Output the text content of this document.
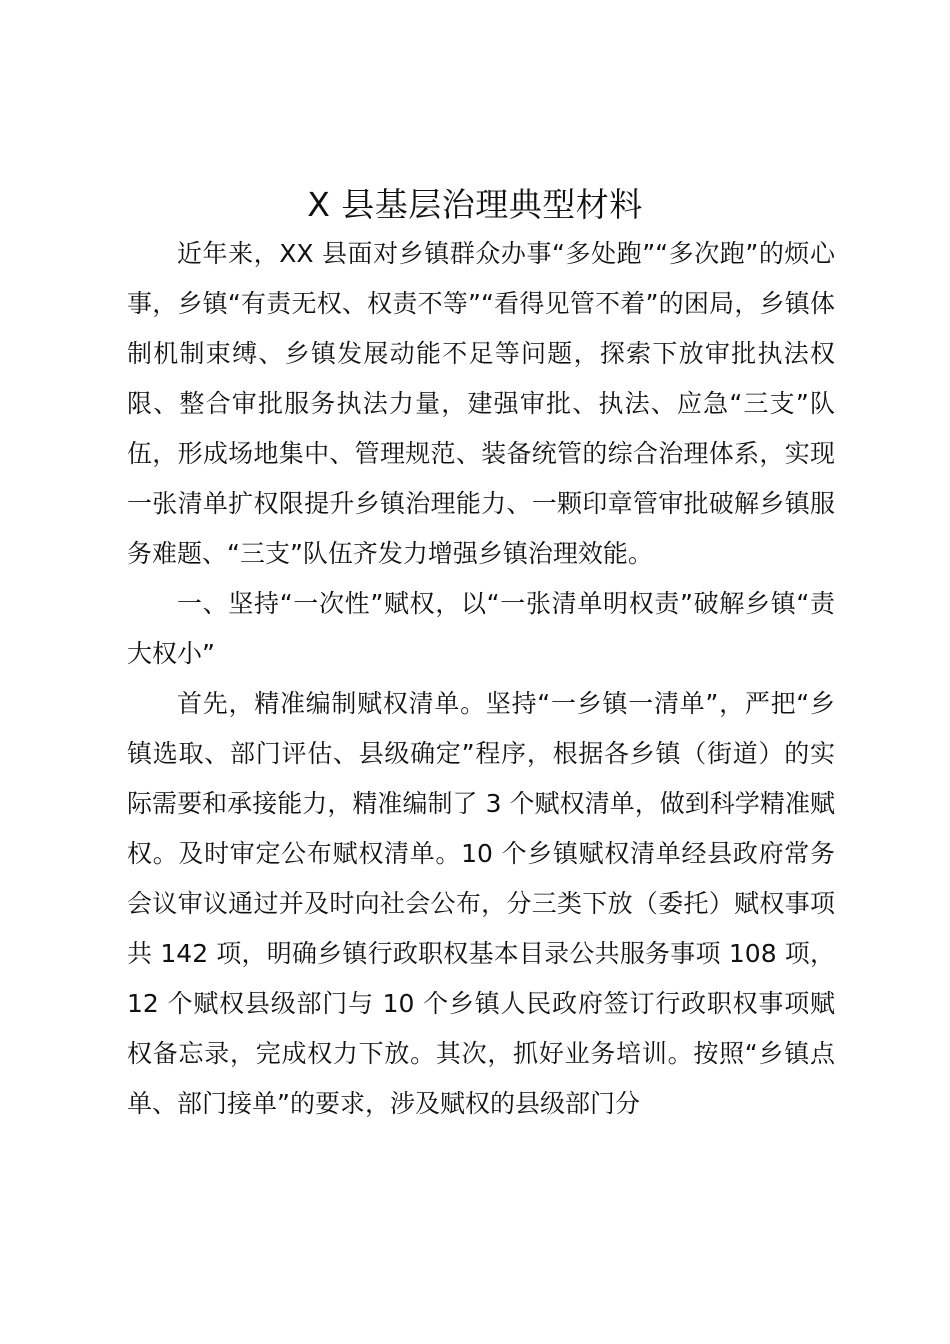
X 县基层治理典型材料

近年来，XX 县面对乡镇群众办事“多处跑”“多次跑”的烦心事，乡镇“有责无权、权责不等”“看得见管不着”的困局，乡镇体制机制束缚、乡镇发展动能不足等问题，探索下放审批执法权限、整合审批服务执法力量，建强审批、执法、应急“三支”队伍，形成场地集中、管理规范、装备统管的综合治理体系，实现一张清单扩权限提升乡镇治理能力、一颗印章管审批破解乡镇服务难题、“三支”队伍齐发力增强乡镇治理效能。

一、坚持“一次性”赋权，以“一张清单明权责”破解乡镇“责大权小”

首先，精准编制赋权清单。坚持“一乡镇一清单”，严把“乡镇选取、部门评估、县级确定”程序，根据各乡镇（街道）的实际需要和承接能力，精准编制了 3 个赋权清单，做到科学精准赋权。及时审定公布赋权清单。10 个乡镇赋权清单经县政府常务会议审议通过并及时向社会公布，分三类下放（委托）赋权事项共 142 项，明确乡镇行政职权基本目录公共服务事项 108 项，12 个赋权县级部门与 10 个乡镇人民政府签订行政职权事项赋权备忘录，完成权力下放。其次，抓好业务培训。按照“乡镇点单、部门接单”的要求，涉及赋权的县级部门分
